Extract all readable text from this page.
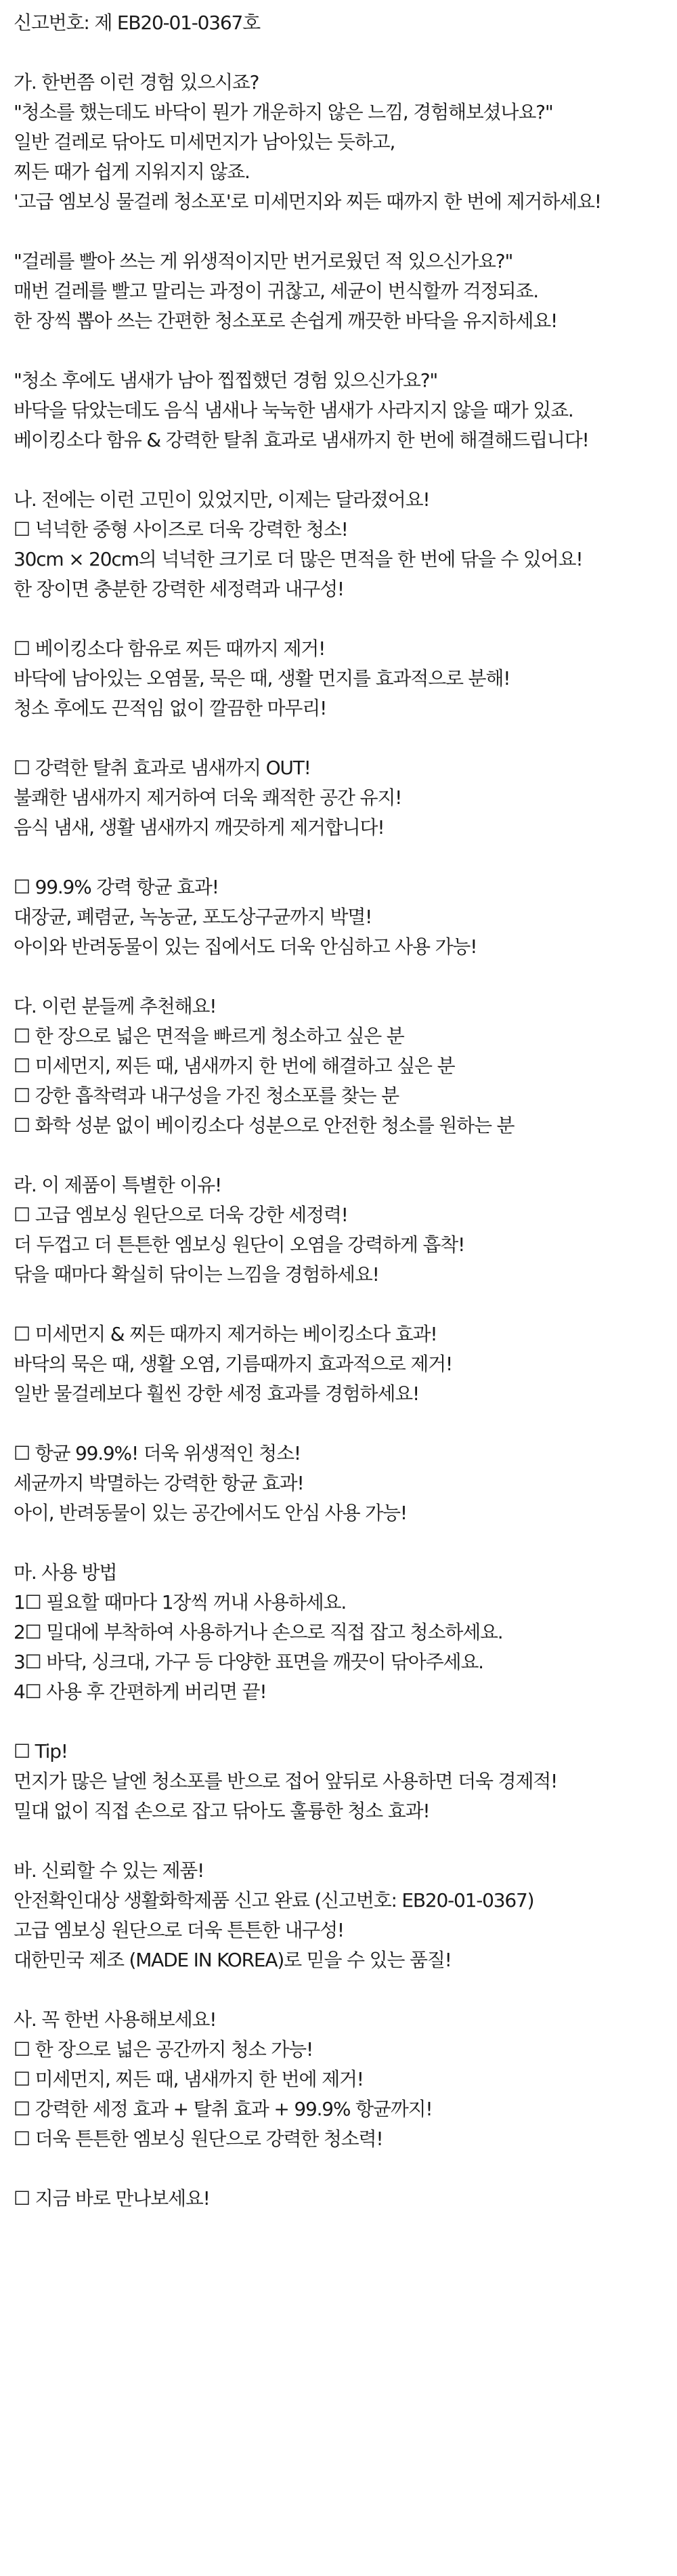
신고번호: 제 EB20-01-0367호
가. 한번쯤 이런 경험 있으시죠?
"청소를 했는데도 바닥이 뭔가 개운하지 않은 느낌, 경험해보셨나요?"
일반 걸레로 닦아도 미세먼지가 남아있는 듯하고,
찌든 때가 쉽게 지워지지 않죠.
'고급 엠보싱 물걸레 청소포'로 미세먼지와 찌든 때까지 한 번에 제거하세요!
"걸레를 빨아 쓰는 게 위생적이지만 번거로웠던 적 있으신가요?"
매번 걸레를 빨고 말리는 과정이 귀찮고, 세균이 번식할까 걱정되죠.
한 장씩 뽑아 쓰는 간편한 청소포로 손쉽게 깨끗한 바닥을 유지하세요!
"청소 후에도 냄새가 남아 찝찝했던 경험 있으신가요?"
바닥을 닦았는데도 음식 냄새나 눅눅한 냄새가 사라지지 않을 때가 있죠.
베이킹소다 함유 & 강력한 탈취 효과로 냄새까지 한 번에 해결해드립니다!
나. 전에는 이런 고민이 있었지만, 이제는 달라졌어요!
☐ 넉넉한 중형 사이즈로 더욱 강력한 청소!
30cm × 20cm의 넉넉한 크기로 더 많은 면적을 한 번에 닦을 수 있어요!
한 장이면 충분한 강력한 세정력과 내구성!
☐ 베이킹소다 함유로 찌든 때까지 제거!
바닥에 남아있는 오염물, 묵은 때, 생활 먼지를 효과적으로 분해!
청소 후에도 끈적임 없이 깔끔한 마무리!
☐ 강력한 탈취 효과로 냄새까지 OUT!
불쾌한 냄새까지 제거하여 더욱 쾌적한 공간 유지!
음식 냄새, 생활 냄새까지 깨끗하게 제거합니다!
☐ 99.9% 강력 항균 효과!
대장균, 폐렴균, 녹농균, 포도상구균까지 박멸!
아이와 반려동물이 있는 집에서도 더욱 안심하고 사용 가능!
다. 이런 분들께 추천해요!
☐ 한 장으로 넓은 면적을 빠르게 청소하고 싶은 분
☐ 미세먼지, 찌든 때, 냄새까지 한 번에 해결하고 싶은 분
☐ 강한 흡착력과 내구성을 가진 청소포를 찾는 분
☐ 화학 성분 없이 베이킹소다 성분으로 안전한 청소를 원하는 분
라. 이 제품이 특별한 이유!
☐ 고급 엠보싱 원단으로 더욱 강한 세정력!
더 두껍고 더 튼튼한 엠보싱 원단이 오염을 강력하게 흡착!
닦을 때마다 확실히 닦이는 느낌을 경험하세요!
☐ 미세먼지 & 찌든 때까지 제거하는 베이킹소다 효과!
바닥의 묵은 때, 생활 오염, 기름때까지 효과적으로 제거!
일반 물걸레보다 훨씬 강한 세정 효과를 경험하세요!
☐ 항균 99.9%! 더욱 위생적인 청소!
세균까지 박멸하는 강력한 항균 효과!
아이, 반려동물이 있는 공간에서도 안심 사용 가능!
마. 사용 방법
1☐ 필요할 때마다 1장씩 꺼내 사용하세요.
2☐ 밀대에 부착하여 사용하거나 손으로 직접 잡고 청소하세요.
3☐ 바닥, 싱크대, 가구 등 다양한 표면을 깨끗이 닦아주세요.
4☐ 사용 후 간편하게 버리면 끝!
☐ Tip!
먼지가 많은 날엔 청소포를 반으로 접어 앞뒤로 사용하면 더욱 경제적!
밀대 없이 직접 손으로 잡고 닦아도 훌륭한 청소 효과!
바. 신뢰할 수 있는 제품!
안전확인대상 생활화학제품 신고 완료 (신고번호: EB20-01-0367)
고급 엠보싱 원단으로 더욱 튼튼한 내구성!
대한민국 제조 (MADE IN KOREA)로 믿을 수 있는 품질!
사. 꼭 한번 사용해보세요!
☐ 한 장으로 넓은 공간까지 청소 가능!
☐ 미세먼지, 찌든 때, 냄새까지 한 번에 제거!
☐ 강력한 세정 효과 + 탈취 효과 + 99.9% 항균까지!
☐ 더욱 튼튼한 엠보싱 원단으로 강력한 청소력!
☐ 지금 바로 만나보세요!
